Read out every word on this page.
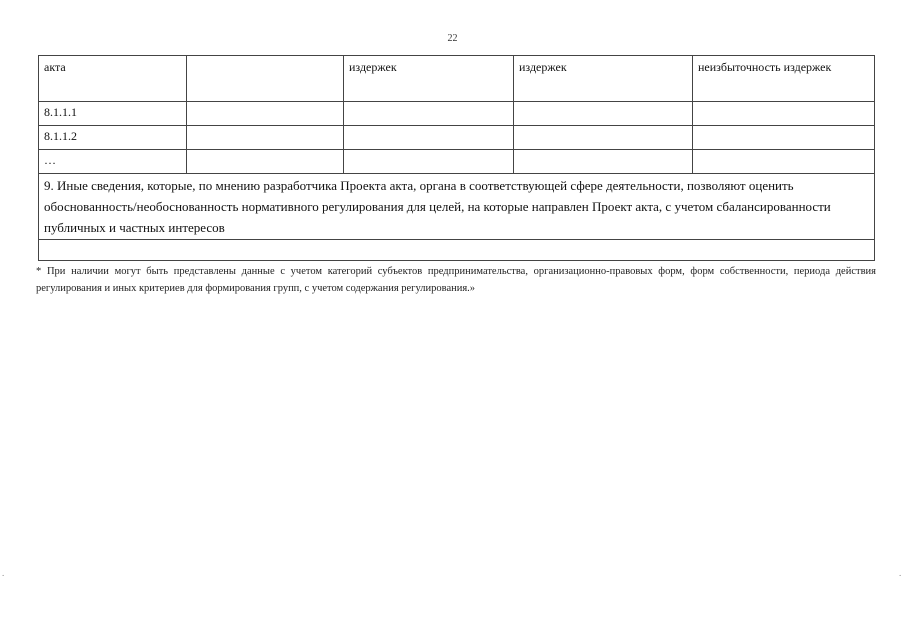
22
акта		издержек	издержек	неизбыточность издержек
8.1.1.1				
8.1.1.2				
…				
9. Иные сведения, которые, по мнению разработчика Проекта акта, органа в соответствующей сфере деятельности, позволяют оценить обоснованность/необоснованность нормативного регулирования для целей, на которые направлен Проект акта, с учетом сбалансированности публичных и частных интересов				

* При наличии могут быть представлены данные с учетом категорий субъектов предпринимательства, организационно-правовых форм, форм собственности, периода действия регулирования и иных критериев для формирования групп, с учетом содержания регулирования.»
.	.
